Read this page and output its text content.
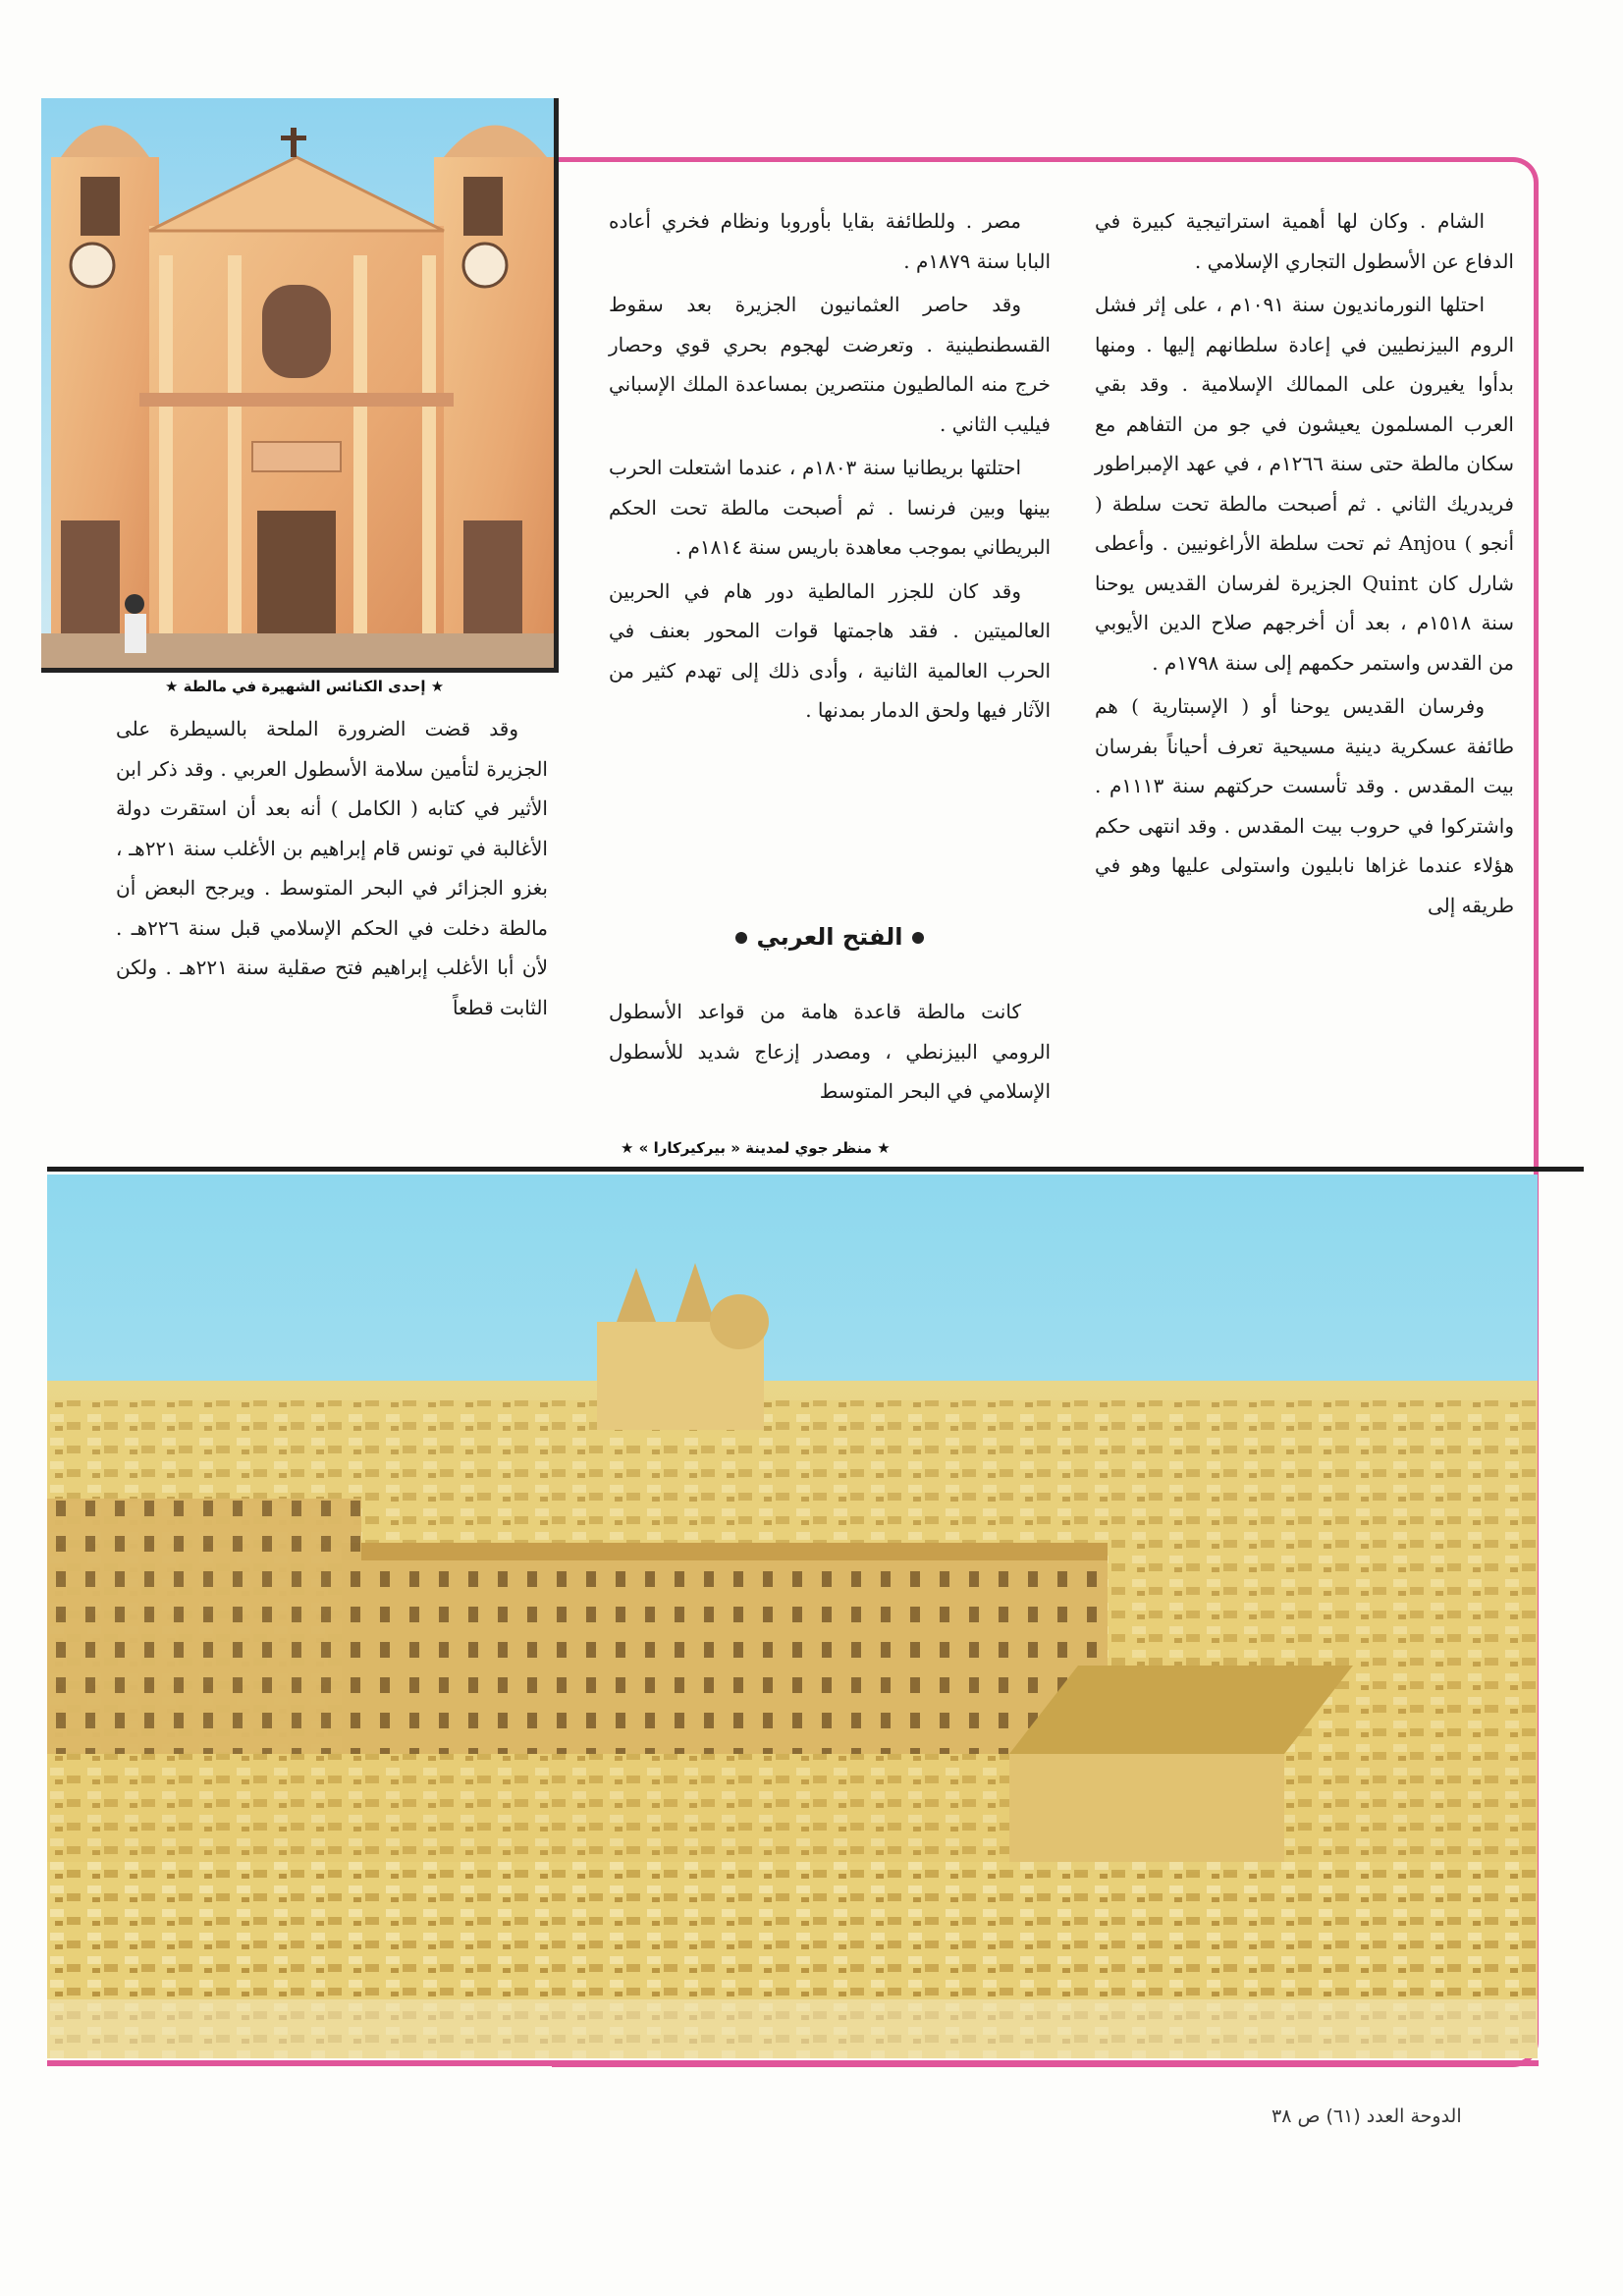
★ إحدى الكنائس الشهيرة في مالطة ★

الشام . وكان لها أهمية استراتيجية كبيرة في الدفاع عن الأسطول التجاري الإسلامي .

احتلها النورمانديون سنة ١٠٩١م ، على إثر فشل الروم البيزنطيين في إعادة سلطانهم إليها . ومنها بدأوا يغيرون على الممالك الإسلامية . وقد بقي العرب المسلمون يعيشون في جو من التفاهم مع سكان مالطة حتى سنة ١٢٦٦م ، في عهد الإمبراطور فريدريك الثاني . ثم أصبحت مالطة تحت سلطة ( أنجو ) Anjou ثم تحت سلطة الأراغونيين . وأعطى شارل كان Quint الجزيرة لفرسان القديس يوحنا سنة ١٥١٨م ، بعد أن أخرجهم صلاح الدين الأيوبي من القدس واستمر حكمهم إلى سنة ١٧٩٨م .

وفرسان القديس يوحنا أو ( الإسبتارية ) هم طائفة عسكرية دينية مسيحية تعرف أحياناً بفرسان بيت المقدس . وقد تأسست حركتهم سنة ١١١٣م . واشتركوا في حروب بيت المقدس . وقد انتهى حكم هؤلاء عندما غزاها نابليون واستولى عليها وهو في طريقه إلى

مصر . وللطائفة بقايا بأوروبا ونظام فخري أعاده البابا سنة ١٨٧٩م .

وقد حاصر العثمانيون الجزيرة بعد سقوط القسطنطينية . وتعرضت لهجوم بحري قوي وحصار خرج منه المالطيون منتصرين بمساعدة الملك الإسباني فيليب الثاني .

احتلتها بريطانيا سنة ١٨٠٣م ، عندما اشتعلت الحرب بينها وبين فرنسا . ثم أصبحت مالطة تحت الحكم البريطاني بموجب معاهدة باريس سنة ١٨١٤م .

وقد كان للجزر المالطية دور هام في الحربين العالميتين . فقد هاجمتها قوات المحور بعنف في الحرب العالمية الثانية ، وأدى ذلك إلى تهدم كثير من الآثار فيها ولحق الدمار بمدنها .

الفتح العربي

كانت مالطة قاعدة هامة من قواعد الأسطول الرومي البيزنطي ، ومصدر إزعاج شديد للأسطول الإسلامي في البحر المتوسط

★ منظر جوي لمدينة « بيركيركارا » ★

وقد قضت الضرورة الملحة بالسيطرة على الجزيرة لتأمين سلامة الأسطول العربي . وقد ذكر ابن الأثير في كتابه ( الكامل ) أنه بعد أن استقرت دولة الأغالبة في تونس قام إبراهيم بن الأغلب سنة ٢٢١هـ ، بغزو الجزائر في البحر المتوسط . ويرجح البعض أن مالطة دخلت في الحكم الإسلامي قبل سنة ٢٢٦هـ . لأن أبا الأغلب إبراهيم فتح صقلية سنة ٢٢١هـ . ولكن الثابت قطعاً

الدوحة العدد (٦١) ص ٣٨
